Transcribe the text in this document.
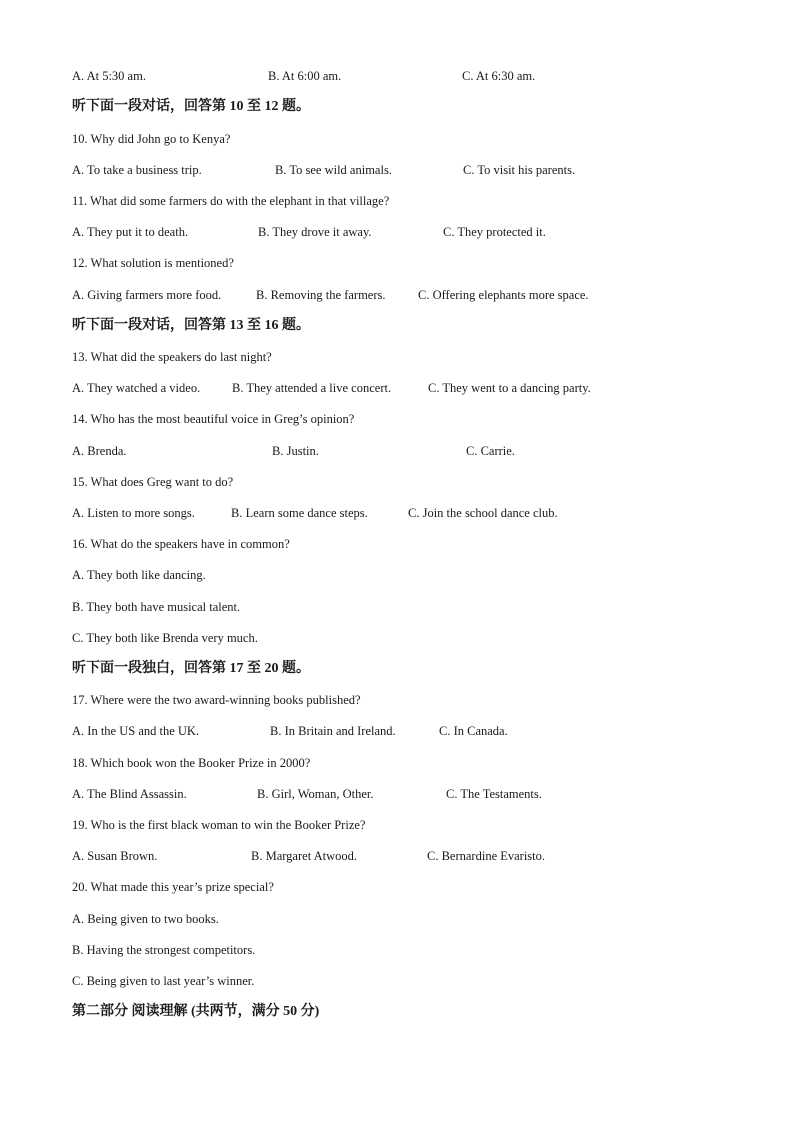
A. At 5:30 am.	B. At 6:00 am.	C. At 6:30 am.
听下面一段对话，回答第 10 至 12 题。
10. Why did John go to Kenya?
A. To take a business trip.	B. To see wild animals.	C. To visit his parents.
11. What did some farmers do with the elephant in that village?
A. They put it to death.	B. They drove it away.	C. They protected it.
12. What solution is mentioned?
A. Giving farmers more food.	B. Removing the farmers.	C. Offering elephants more space.
听下面一段对话，回答第 13 至 16 题。
13. What did the speakers do last night?
A. They watched a video.	B. They attended a live concert.	C. They went to a dancing party.
14. Who has the most beautiful voice in Greg’s opinion?
A. Brenda.	B. Justin.	C. Carrie.
15. What does Greg want to do?
A. Listen to more songs.	B. Learn some dance steps.	C. Join the school dance club.
16. What do the speakers have in common?
A. They both like dancing.
B. They both have musical talent.
C. They both like Brenda very much.
听下面一段独白，回答第 17 至 20 题。
17. Where were the two award-winning books published?
A. In the US and the UK.	B. In Britain and Ireland.	C. In Canada.
18. Which book won the Booker Prize in 2000?
A. The Blind Assassin.	B. Girl, Woman, Other.	C. The Testaments.
19. Who is the first black woman to win the Booker Prize?
A. Susan Brown.	B. Margaret Atwood.	C. Bernardine Evaristo.
20. What made this year’s prize special?
A. Being given to two books.
B. Having the strongest competitors.
C. Being given to last year’s winner.
第二部分 阅读理解 (共两节，满分 50 分)
